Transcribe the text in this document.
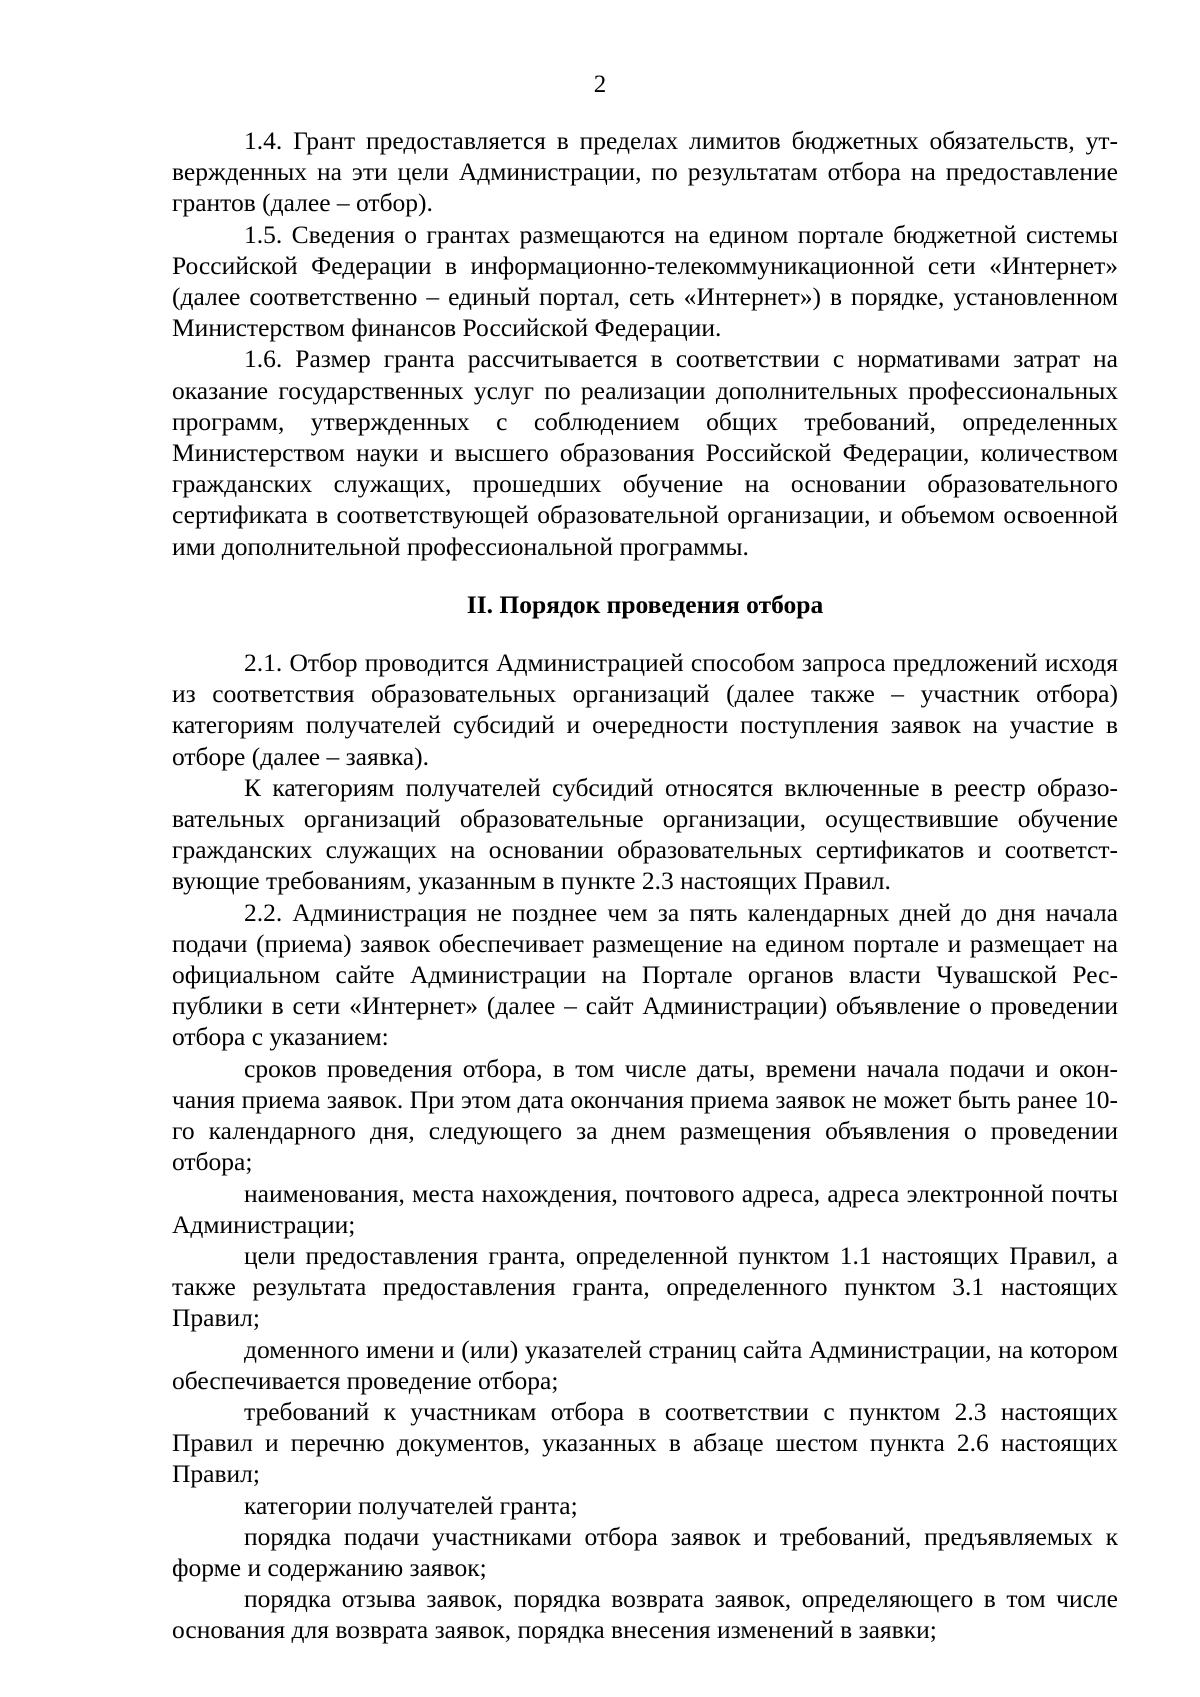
2

1.4. Грант предоставляется в пределах лимитов бюджетных обязательств, утвержденных на эти цели Администрации, по результатам отбора на предоставление грантов (далее – отбор).

1.5. Сведения о грантах размещаются на едином портале бюджетной системы Российской Федерации в информационно-телекоммуникационной сети «Интернет» (далее соответственно – единый портал, сеть «Интернет») в порядке, установленном Министерством финансов Российской Федерации.

1.6. Размер гранта рассчитывается в соответствии с нормативами затрат на оказание государственных услуг по реализации дополнительных профессиональных программ, утвержденных с соблюдением общих требований, определенных Министерством науки и высшего образования Российской Федерации, количеством гражданских служащих, прошедших обучение на основании образовательного сертификата в соответствующей образовательной организации, и объемом освоенной ими дополнительной профессиональной программы.

II. Порядок проведения отбора

2.1. Отбор проводится Администрацией способом запроса предложений исходя из соответствия образовательных организаций (далее также – участник отбора) категориям получателей субсидий и очередности поступления заявок на участие в отборе (далее – заявка).

К категориям получателей субсидий относятся включенные в реестр образовательных организаций образовательные организации, осуществившие обучение гражданских служащих на основании образовательных сертификатов и соответствующие требованиям, указанным в пункте 2.3 настоящих Правил.

2.2. Администрация не позднее чем за пять календарных дней до дня начала подачи (приема) заявок обеспечивает размещение на едином портале и размещает на официальном сайте Администрации на Портале органов власти Чувашской Республики в сети «Интернет» (далее – сайт Администрации) объявление о проведении отбора с указанием:

сроков проведения отбора, в том числе даты, времени начала подачи и окончания приема заявок. При этом дата окончания приема заявок не может быть ранее 10-го календарного дня, следующего за днем размещения объявления о проведении отбора;

наименования, места нахождения, почтового адреса, адреса электронной почты Администрации;

цели предоставления гранта, определенной пунктом 1.1 настоящих Правил, а также результата предоставления гранта, определенного пунктом 3.1 настоящих Правил;

доменного имени и (или) указателей страниц сайта Администрации, на котором обеспечивается проведение отбора;

требований к участникам отбора в соответствии с пунктом 2.3 настоящих Правил и перечню документов, указанных в абзаце шестом пункта 2.6 настоящих Правил;

категории получателей гранта;

порядка подачи участниками отбора заявок и требований, предъявляемых к форме и содержанию заявок;

порядка отзыва заявок, порядка возврата заявок, определяющего в том числе основания для возврата заявок, порядка внесения изменений в заявки;
